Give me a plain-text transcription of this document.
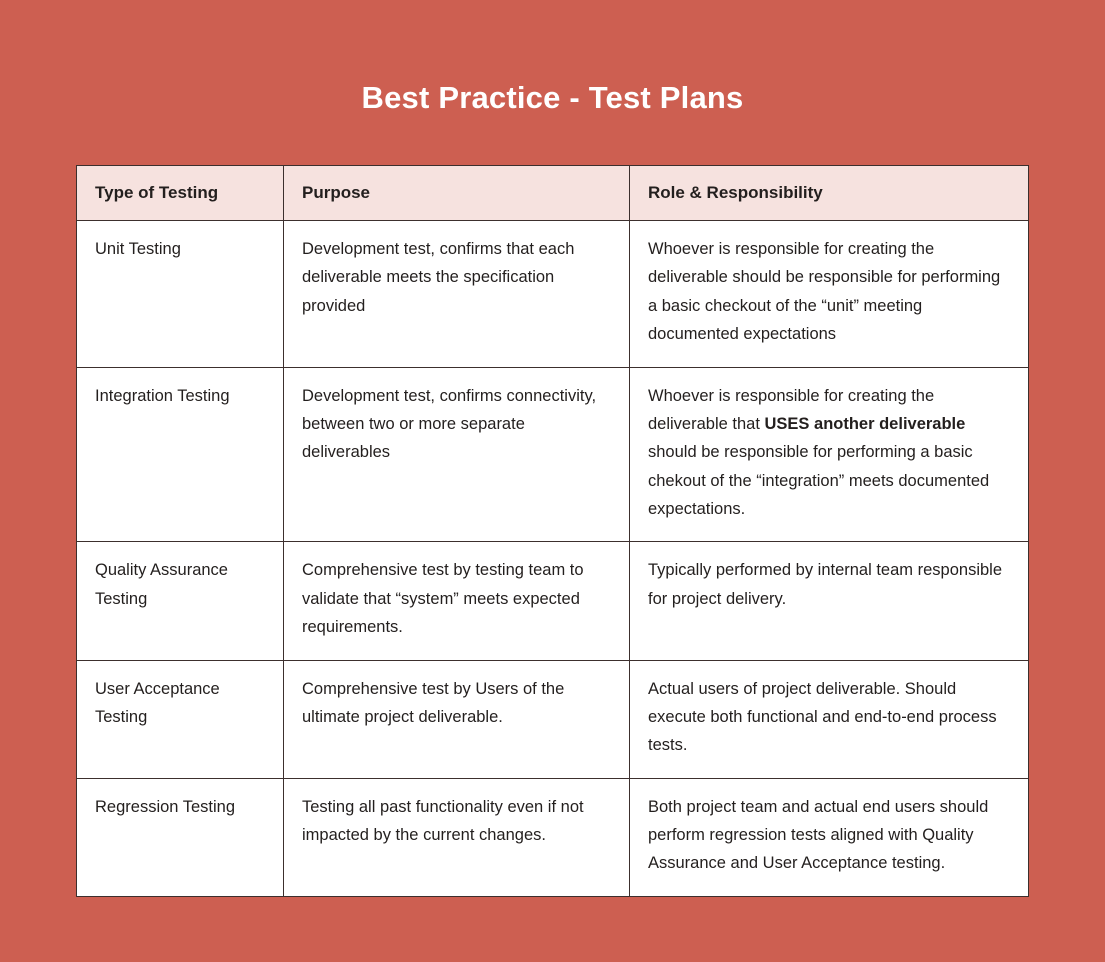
Best Practice - Test Plans
Type of Testing	Purpose	Role & Responsibility
Unit Testing	Development test, confirms that each deliverable meets the specification provided	Whoever is responsible for creating the deliverable should be responsible for performing a basic checkout of the “unit” meeting documented expectations

Integration Testing	Development test, confirms connectivity, between two or more separate deliverables	Whoever is responsible for creating the deliverable that USES another deliverable should be responsible for performing a basic chekout of the “integration” meets documented expectations.

Quality Assurance Testing	Comprehensive test by testing team to validate that “system” meets expected requirements.	Typically performed by internal team responsible for project delivery.

User Acceptance Testing	Comprehensive test by Users of the ultimate project deliverable.	Actual users of project deliverable. Should execute both functional and end-to-end process tests.

Regression Testing	Testing all past functionality even if not impacted by the current changes.	Both project team and actual end users should perform regression tests aligned with Quality Assurance and User Acceptance testing.
